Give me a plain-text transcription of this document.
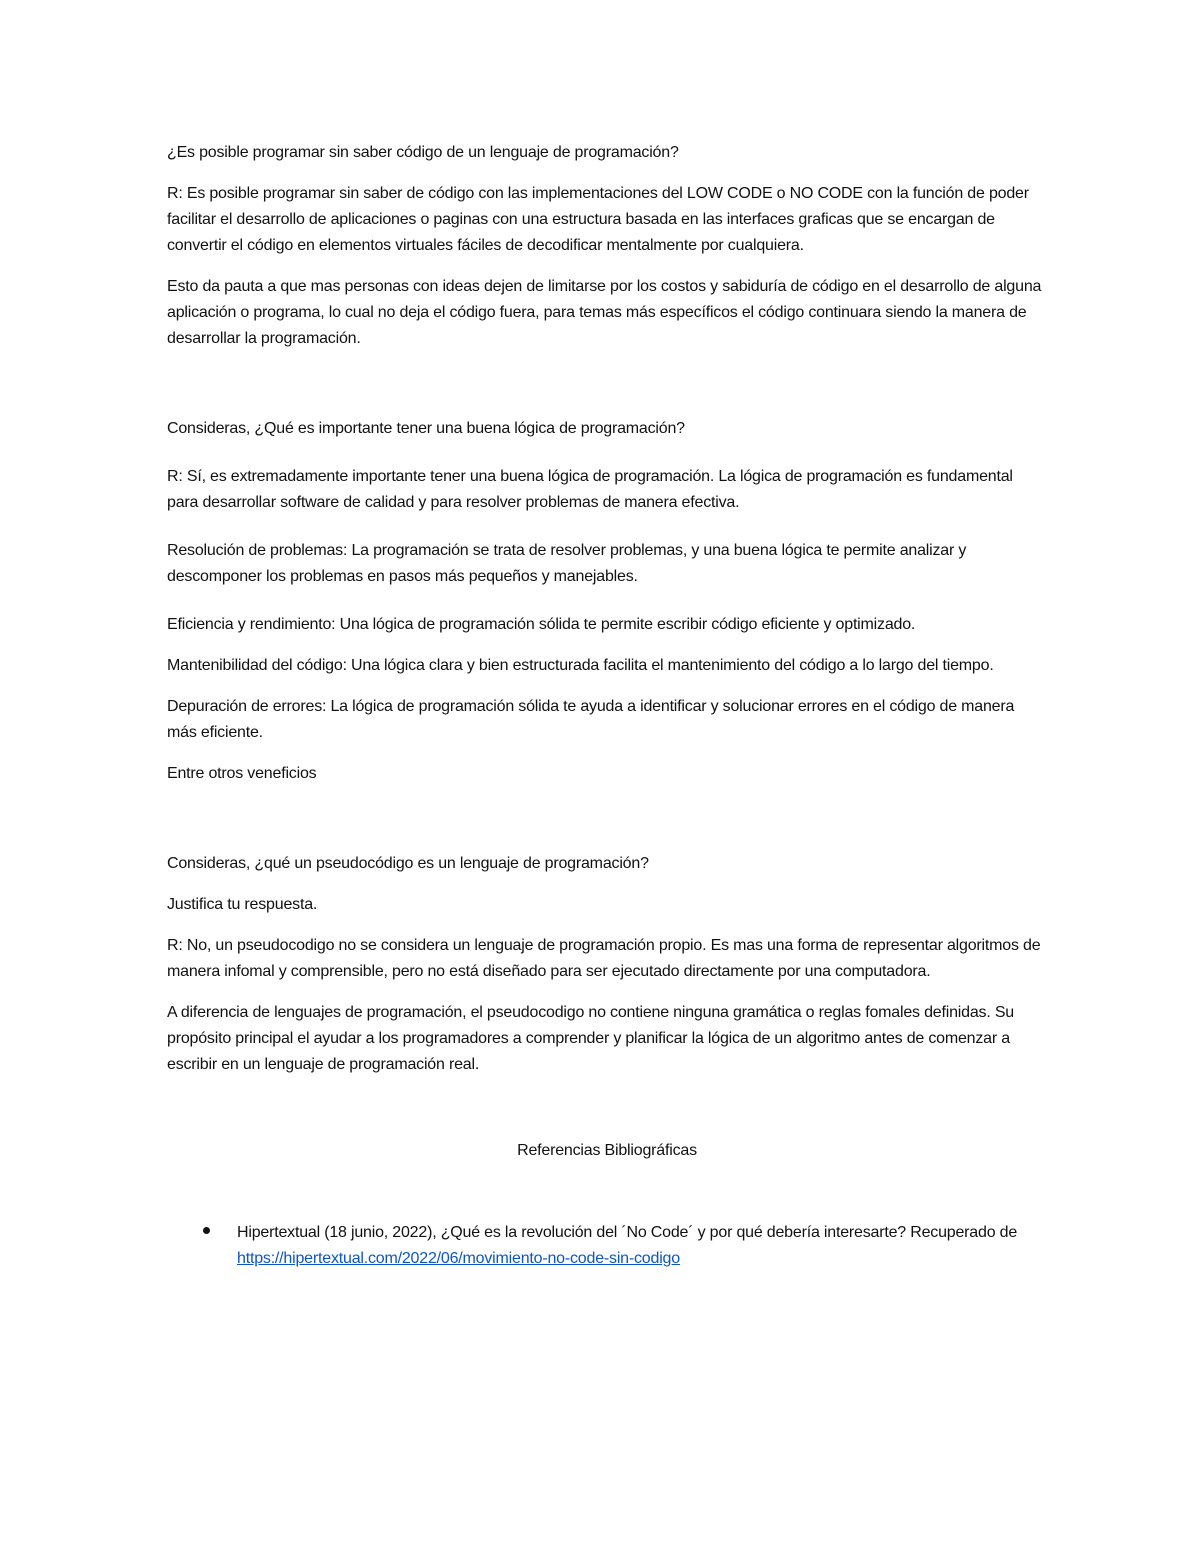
¿Es posible programar sin saber código de un lenguaje de programación?

R: Es posible programar sin saber de código con las implementaciones del LOW CODE o NO CODE con la función de poder facilitar el desarrollo de aplicaciones o paginas con una estructura basada en las interfaces graficas que se encargan de convertir el código en elementos virtuales fáciles de decodificar mentalmente por cualquiera.

Esto da pauta a que mas personas con ideas dejen de limitarse por los costos y sabiduría de código en el desarrollo de alguna aplicación o programa, lo cual no deja el código fuera, para temas más específicos el código continuara siendo la manera de desarrollar la programación.

Consideras, ¿Qué es importante tener una buena lógica de programación?

R: Sí, es extremadamente importante tener una buena lógica de programación. La lógica de programación es fundamental para desarrollar software de calidad y para resolver problemas de manera efectiva.

Resolución de problemas: La programación se trata de resolver problemas, y una buena lógica te permite analizar y descomponer los problemas en pasos más pequeños y manejables.

Eficiencia y rendimiento: Una lógica de programación sólida te permite escribir código eficiente y optimizado.

Mantenibilidad del código: Una lógica clara y bien estructurada facilita el mantenimiento del código a lo largo del tiempo.

Depuración de errores: La lógica de programación sólida te ayuda a identificar y solucionar errores en el código de manera más eficiente.

Entre otros veneficios

Consideras, ¿qué un pseudocódigo es un lenguaje de programación?

Justifica tu respuesta.

R: No, un pseudocodigo no se considera un lenguaje de programación propio. Es mas una forma de representar algoritmos de manera infomal y comprensible, pero no está diseñado para ser ejecutado directamente por una computadora.

A diferencia de lenguajes de programación, el pseudocodigo no contiene ninguna gramática o reglas fomales definidas. Su propósito principal el ayudar a los programadores a comprender y planificar la lógica de un algoritmo antes de comenzar a escribir en un lenguaje de programación real.

Referencias Bibliográficas

Hipertextual (18 junio, 2022), ¿Qué es la revolución del ´No Code´ y por qué debería interesarte? Recuperado de https://hipertextual.com/2022/06/movimiento-no-code-sin-codigo
